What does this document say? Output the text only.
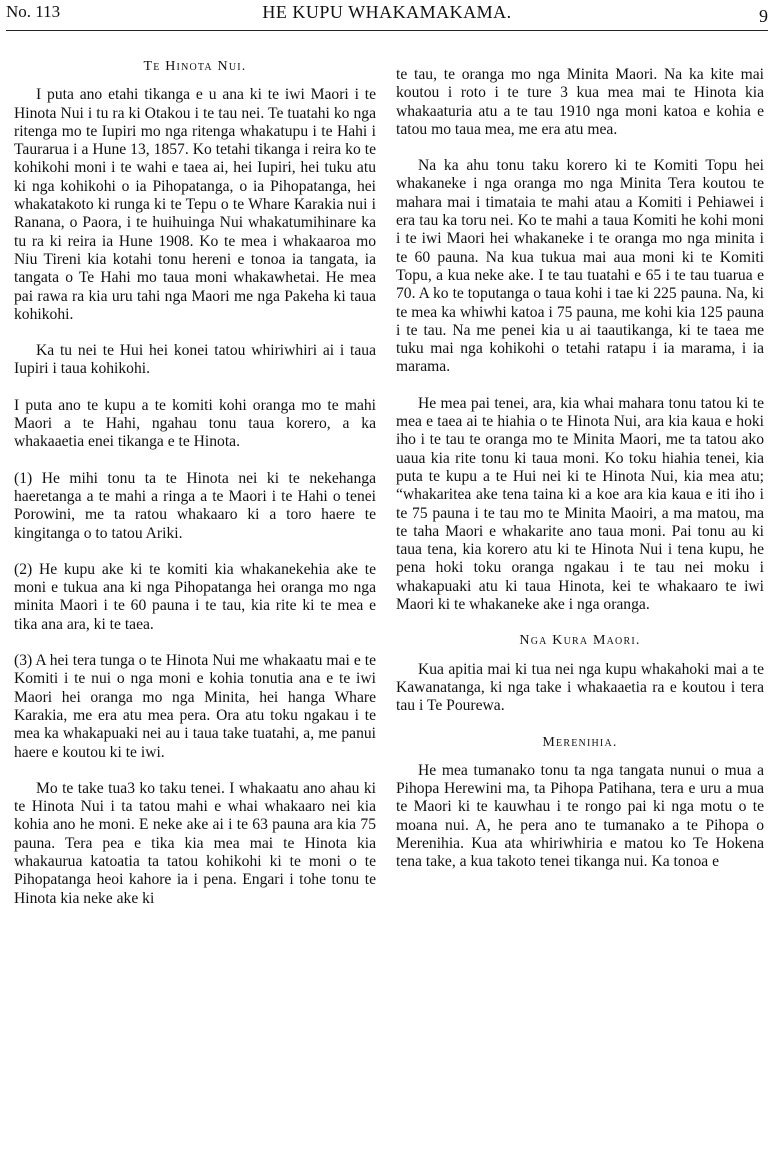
No. 113	HE KUPU WHAKAMAKAMA.	9
Te Hinota Nui.

I puta ano etahi tikanga e u ana ki te iwi Maori i te Hinota Nui i tu ra ki Otakou i te tau nei. Te tuatahi ko nga ritenga mo te Iupiri mo nga ritenga whakatupu i te Hahi i Taurarua i a Hune 13, 1857. Ko tetahi tikanga i reira ko te kohikohi moni i te wahi e taea ai, hei Iupiri, hei tuku atu ki nga kohikohi o ia Pihopatanga, o ia Pihopatanga, hei whakatakoto ki runga ki te Tepu o te Whare Karakia nui i Ranana, o Paora, i te huihuinga Nui whakatumihinare ka tu ra ki reira ia Hune 1908. Ko te mea i whakaaroa mo Niu Tireni kia kotahi tonu hereni e tonoa ia tangata, ia tangata o Te Hahi mo taua moni whakawhetai. He mea pai rawa ra kia uru tahi nga Maori me nga Pakeha ki taua kohikohi.

Ka tu nei te Hui hei konei tatou whiriwhiri ai i taua Iupiri i taua kohikohi.

I puta ano te kupu a te komiti kohi oranga mo te mahi Maori a te Hahi, ngahau tonu taua korero, a ka whakaaetia enei tikanga e te Hinota.

(1) He mihi tonu ta te Hinota nei ki te nekehanga haeretanga a te mahi a ringa a te Maori i te Hahi o tenei Porowini, me ta ratou whakaaro ki a toro haere te kingitanga o to tatou Ariki.

(2) He kupu ake ki te komiti kia whakanekehia ake te moni e tukua ana ki nga Pihopatanga hei oranga mo nga minita Maori i te 60 pauna i te tau, kia rite ki te mea e tika ana ara, ki te taea.

(3) A hei tera tunga o te Hinota Nui me whakaatu mai e te Komiti i te nui o nga moni e kohia tonutia ana e te iwi Maori hei oranga mo nga Minita, hei hanga Whare Karakia, me era atu mea pera. Ora atu toku ngakau i te mea ka whakapuaki nei au i taua take tuatahi, a, me panui haere e koutou ki te iwi.

Mo te take tua3 ko taku tenei. I whakaatu ano ahau ki te Hinota Nui i ta tatou mahi e whai whakaaro nei kia kohia ano he moni. E neke ake ai i te 63 pauna ara kia 75 pauna. Tera pea e tika kia mea mai te Hinota kia whakaurua katoatia ta tatou kohikohi ki te moni o te Pihopatanga heoi kahore ia i pena. Engari i tohe tonu te Hinota kia neke ake ki

te tau, te oranga mo nga Minita Maori. Na ka kite mai koutou i roto i te ture 3 kua mea mai te Hinota kia whakaaturia atu a te tau 1910 nga moni katoa e kohia e tatou mo taua mea, me era atu mea.

Na ka ahu tonu taku korero ki te Komiti Topu hei whakaneke i nga oranga mo nga Minita Tera koutou te mahara mai i timataia te mahi atau a Komiti i Pehiawei i era tau ka toru nei. Ko te mahi a taua Komiti he kohi moni i te iwi Maori hei whakaneke i te oranga mo nga minita i te 60 pauna. Na kua tukua mai aua moni ki te Komiti Topu, a kua neke ake. I te tau tuatahi e 65 i te tau tuarua e 70. A ko te toputanga o taua kohi i tae ki 225 pauna. Na, ki te mea ka whiwhi katoa i 75 pauna, me kohi kia 125 pauna i te tau. Na me penei kia u ai taautikanga, ki te taea me tuku mai nga kohikohi o tetahi ratapu i ia marama, i ia marama.

He mea pai tenei, ara, kia whai mahara tonu tatou ki te mea e taea ai te hiahia o te Hinota Nui, ara kia kaua e hoki iho i te tau te oranga mo te Minita Maori, me ta tatou ako uaua kia rite tonu ki taua moni. Ko toku hiahia tenei, kia puta te kupu a te Hui nei ki te Hinota Nui, kia mea atu; “whakaritea ake tena taina ki a koe ara kia kaua e iti iho i te 75 pauna i te tau mo te Minita Maoiri, a ma matou, ma te taha Maori e whakarite ano taua moni. Pai tonu au ki taua tena, kia korero atu ki te Hinota Nui i tena kupu, he pena hoki toku oranga ngakau i te tau nei moku i whakapuaki atu ki taua Hinota, kei te whakaaro te iwi Maori ki te whakaneke ake i nga oranga.

Nga Kura Maori.

Kua apitia mai ki tua nei nga kupu whakahoki mai a te Kawanatanga, ki nga take i whakaaetia ra e koutou i tera tau i Te Pourewa.

Merenihia.

He mea tumanako tonu ta nga tangata nunui o mua a Pihopa Herewini ma, ta Pihopa Patihana, tera e uru a mua te Maori ki te kauwhau i te rongo pai ki nga motu o te moana nui. A, he pera ano te tumanako a te Pihopa o Merenihia. Kua ata whiriwhiria e matou ko Te Hokena tena take, a kua takoto tenei tikanga nui. Ka tonoa e
